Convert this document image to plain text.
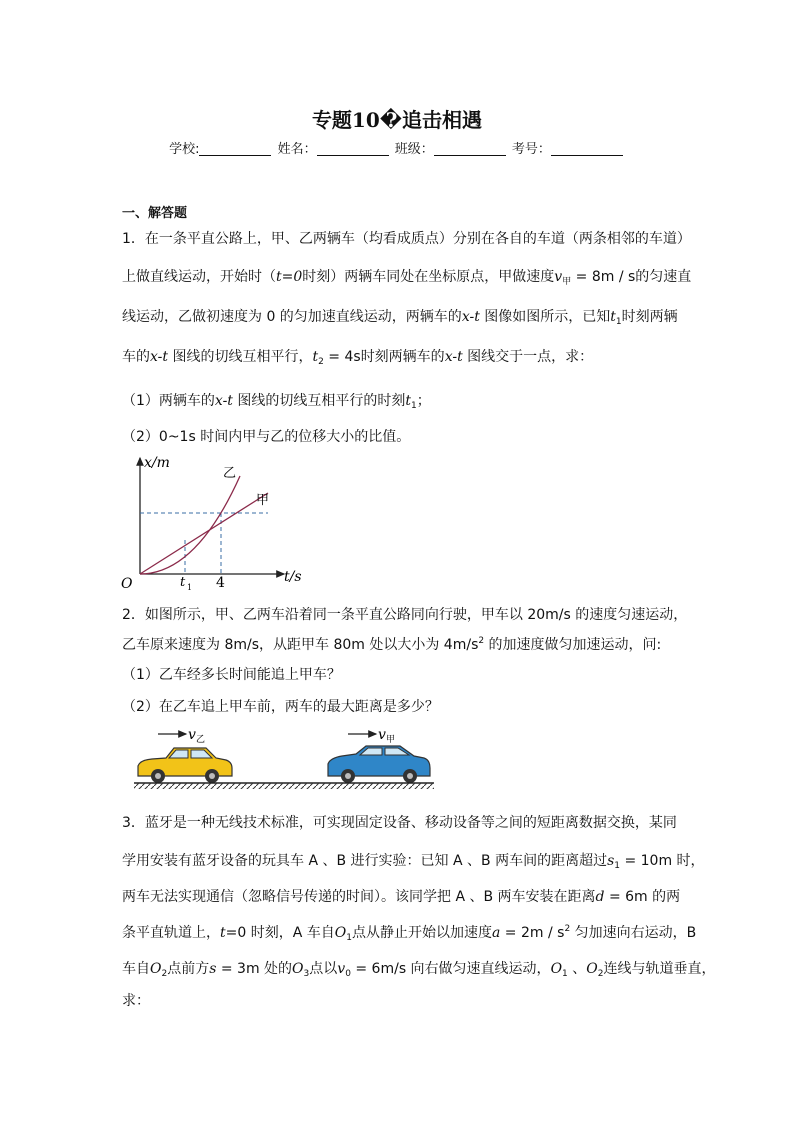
专题10�追击相遇
学校:	姓名：	班级：	考号：
一、解答题
1．在一条平直公路上，甲、乙两辆车（均看成质点）分别在各自的车道（两条相邻的车道）
上做直线运动，开始时（t=0时刻）两辆车同处在坐标原点，甲做速度$v_甲 = 8m / s$的匀速直
线运动，乙做初速度为 0 的匀加速直线运动，两辆车的x-t 图像如图所示，已知$t_1$时刻两辆
车的x-t 图线的切线互相平行，$t_2 = 4s$时刻两辆车的x-t 图线交于一点，求：
（1）两辆车的x-t 图线的切线互相平行的时刻$t_1$；
（2）0~1s 时间内甲与乙的位移大小的比值。
x/m
t/s
O
乙
甲
t 1 4
2．如图所示，甲、乙两车沿着同一条平直公路同向行驶，甲车以 20m/s 的速度匀速运动，
乙车原来速度为 8m/s，从距甲车 80m 处以大小为 $4m/s^2$ 的加速度做匀加速运动，问:
（1）乙车经多长时间能追上甲车？
（2）在乙车追上甲车前，两车的最大距离是多少？
v 乙	v 甲
3．蓝牙是一种无线技术标准，可实现固定设备、移动设备等之间的短距离数据交换，某同
学用安装有蓝牙设备的玩具车 A 、B 进行实验：已知 A 、B 两车间的距离超过$s_1 = 10m$ 时，
两车无法实现通信（忽略信号传递的时间）。该同学把 A 、B 两车安装在距离d = 6m 的两
条平直轨道上，t=0 时刻，A 车自$O_1$点从静止开始以加速度$a = 2m / s^2$ 匀加速向右运动，B
车自$O_2$点前方s = 3m 处的$O_3$点以$v_0 = 6m/s$ 向右做匀速直线运动，$O_1$ 、$O_2$连线与轨道垂直，
求：
